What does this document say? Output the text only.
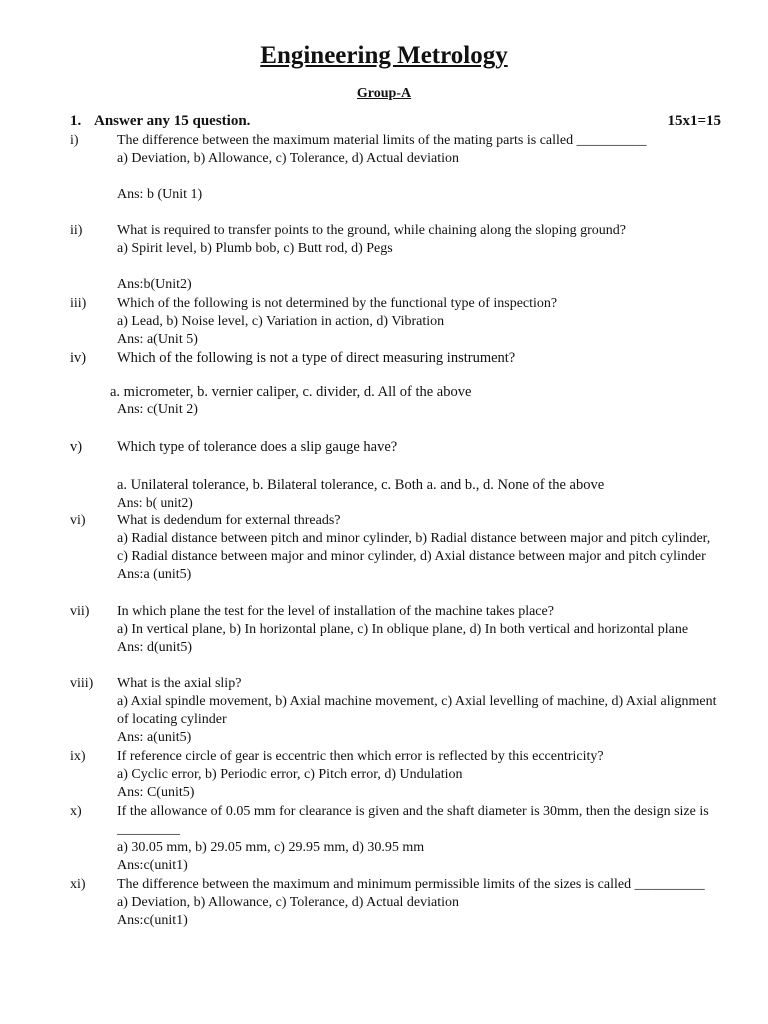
Engineering Metrology
Group-A
1. Answer any 15 question.	15x1=15
i)	The difference between the maximum material limits of the mating parts is called __________
a) Deviation, b) Allowance, c) Tolerance, d) Actual deviation
Ans: b (Unit 1)
ii) What is required to transfer points to the ground, while chaining along the sloping ground?
a) Spirit level, b) Plumb bob, c) Butt rod, d) Pegs
Ans:b(Unit2)
iii) Which of the following is not determined by the functional type of inspection?
a) Lead, b) Noise level, c) Variation in action, d) Vibration
Ans: a(Unit 5)
iv) Which of the following is not a type of direct measuring instrument?
a. micrometer, b. vernier caliper, c. divider, d. All of the above
Ans: c(Unit 2)
v) Which type of tolerance does a slip gauge have?
a. Unilateral tolerance, b. Bilateral tolerance, c. Both a. and b., d. None of the above
Ans: b( unit2)
vi) What is dedendum for external threads?
a) Radial distance between pitch and minor cylinder, b) Radial distance between major and pitch cylinder, c) Radial distance between major and minor cylinder, d) Axial distance between major and pitch cylinder
Ans:a (unit5)
vii) In which plane the test for the level of installation of the machine takes place?
a) In vertical plane, b) In horizontal plane, c) In oblique plane, d) In both vertical and horizontal plane
Ans: d(unit5)
viii) What is the axial slip?
a) Axial spindle movement, b) Axial machine movement, c) Axial levelling of machine, d) Axial alignment of locating cylinder
Ans: a(unit5)
ix) If reference circle of gear is eccentric then which error is reflected by this eccentricity?
a) Cyclic error, b) Periodic error, c) Pitch error, d) Undulation
Ans: C(unit5)
x)	If the allowance of 0.05 mm for clearance is given and the shaft diameter is 30mm, then the design size is _________
a) 30.05 mm, b) 29.05 mm, c) 29.95 mm, d) 30.95 mm
Ans:c(unit1)
xi) The difference between the maximum and minimum permissible limits of the sizes is called __________
a) Deviation, b) Allowance, c) Tolerance, d) Actual deviation
Ans:c(unit1)
